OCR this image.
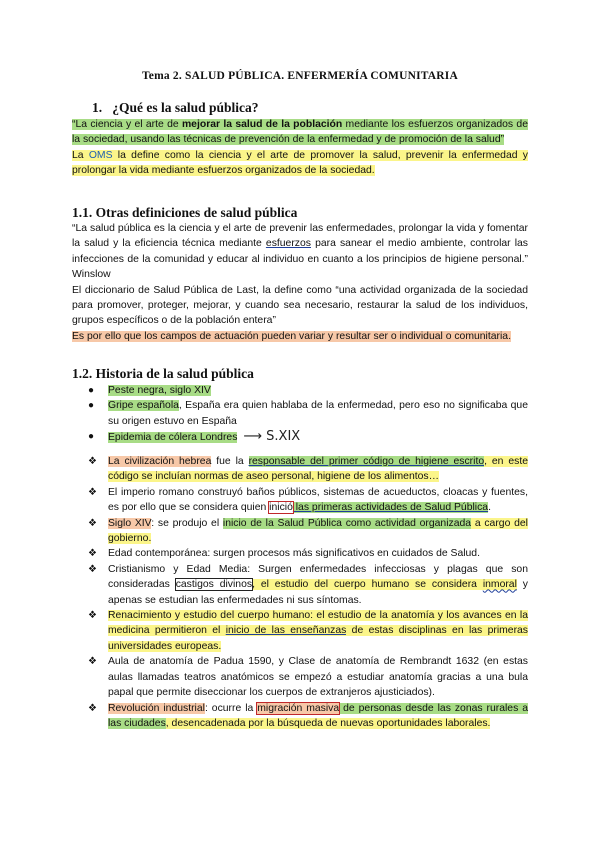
Tema 2. SALUD PÚBLICA. ENFERMERÍA COMUNITARIA
1. ¿Qué es la salud pública?

“La ciencia y el arte de mejorar la salud de la población mediante los esfuerzos organizados de la sociedad, usando las técnicas de prevención de la enfermedad y de promoción de la salud”

La OMS la define como la ciencia y el arte de promover la salud, prevenir la enfermedad y prolongar la vida mediante esfuerzos organizados de la sociedad.

1.1. Otras definiciones de salud pública

“La salud pública es la ciencia y el arte de prevenir las enfermedades, prolongar la vida y fomentar la salud y la eficiencia técnica mediante esfuerzos para sanear el medio ambiente, controlar las infecciones de la comunidad y educar al individuo en cuanto a los principios de higiene personal.” Winslow

El diccionario de Salud Pública de Last, la define como “una actividad organizada de la sociedad para promover, proteger, mejorar, y cuando sea necesario, restaurar la salud de los individuos, grupos específicos o de la población entera”

Es por ello que los campos de actuación pueden variar y resultar ser o individual o comunitaria.

1.2. Historia de la salud pública
● Peste negra, siglo XIV
● Gripe española, España era quien hablaba de la enfermedad, pero eso no significaba que su origen estuvo en España
● Epidemia de cólera Londres ⟶ S.XIX
❖ La civilización hebrea fue la responsable del primer código de higiene escrito, en este código se incluían normas de aseo personal, higiene de los alimentos…
❖ El imperio romano construyó baños públicos, sistemas de acueductos, cloacas y fuentes, es por ello que se considera quien inició las primeras actividades de Salud Pública.
❖ Siglo XIV: se produjo el inicio de la Salud Pública como actividad organizada a cargo del gobierno.
❖ Edad contemporánea: surgen procesos más significativos en cuidados de Salud.
❖ Cristianismo y Edad Media: Surgen enfermedades infecciosas y plagas que son consideradas castigos divinos, el estudio del cuerpo humano se considera inmoral y apenas se estudian las enfermedades ni sus síntomas.
❖ Renacimiento y estudio del cuerpo humano: el estudio de la anatomía y los avances en la medicina permitieron el inicio de las enseñanzas de estas disciplinas en las primeras universidades europeas.
❖ Aula de anatomía de Padua 1590, y Clase de anatomía de Rembrandt 1632 (en estas aulas llamadas teatros anatómicos se empezó a estudiar anatomía gracias a una bula papal que permite diseccionar los cuerpos de extranjeros ajusticiados).
❖ Revolución industrial: ocurre la migración masiva de personas desde las zonas rurales a las ciudades, desencadenada por la búsqueda de nuevas oportunidades laborales.
